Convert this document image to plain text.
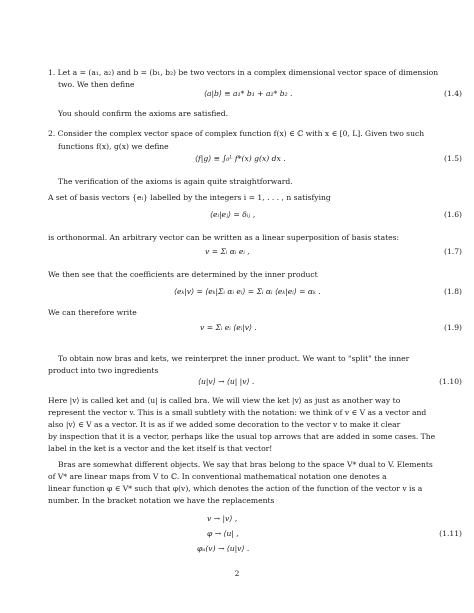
1. Let a = (a₁, a₂) and b = (b₁, b₂) be two vectors in a complex dimensional vector space of dimension
two. We then define
You should confirm the axioms are satisfied.
2. Consider the complex vector space of complex function f(x) ∈ ℂ with x ∈ [0, L]. Given two such
functions f(x), g(x) we define
The verification of the axioms is again quite straightforward.
A set of basis vectors {eᵢ} labelled by the integers i = 1, . . . , n satisfying
is orthonormal. An arbitrary vector can be written as a linear superposition of basis states:
We then see that the coefficients are determined by the inner product
We can therefore write
To obtain now bras and kets, we reinterpret the inner product. We want to "split" the inner
product into two ingredients
Here |v⟩ is called ket and ⟨u| is called bra. We will view the ket |v⟩ as just as another way to
represent the vector v. This is a small subtlety with the notation: we think of v ∈ V as a vector and
also |v⟩ ∈ V as a vector. It is as if we added some decoration to the vector v to make it clear
by inspection that it is a vector, perhaps like the usual top arrows that are added in some cases. The
label in the ket is a vector and the ket itself is that vector!
Bras are somewhat different objects. We say that bras belong to the space V* dual to V. Elements
of V* are linear maps from V to ℂ. In conventional mathematical notation one denotes a
linear function φ ∈ V* such that φ(v), which denotes the action of the function of the vector v is a
number. In the bracket notation we have the replacements
⟨a|b⟩ ≡ a₁* b₁ + a₂* b₂ .	(1.4)
⟨f|g⟩ ≡ ∫₀ᴸ f*(x) g(x) dx .	(1.5)
⟨eᵢ|eⱼ⟩ = δᵢⱼ ,	(1.6)
v = Σᵢ αᵢ eᵢ ,	(1.7)
⟨eₖ|v⟩ = ⟨eₖ|Σᵢ αᵢ eᵢ⟩ = Σᵢ αᵢ ⟨eₖ|eᵢ⟩ = αₖ .	(1.8)
v = Σᵢ eᵢ ⟨eᵢ|v⟩ .	(1.9)
⟨u|v⟩ → ⟨u| |v⟩ .	(1.10)
v → |v⟩ ,
φ → ⟨u| ,	(1.11)
φᵤ(v) → ⟨u|v⟩ .
2
